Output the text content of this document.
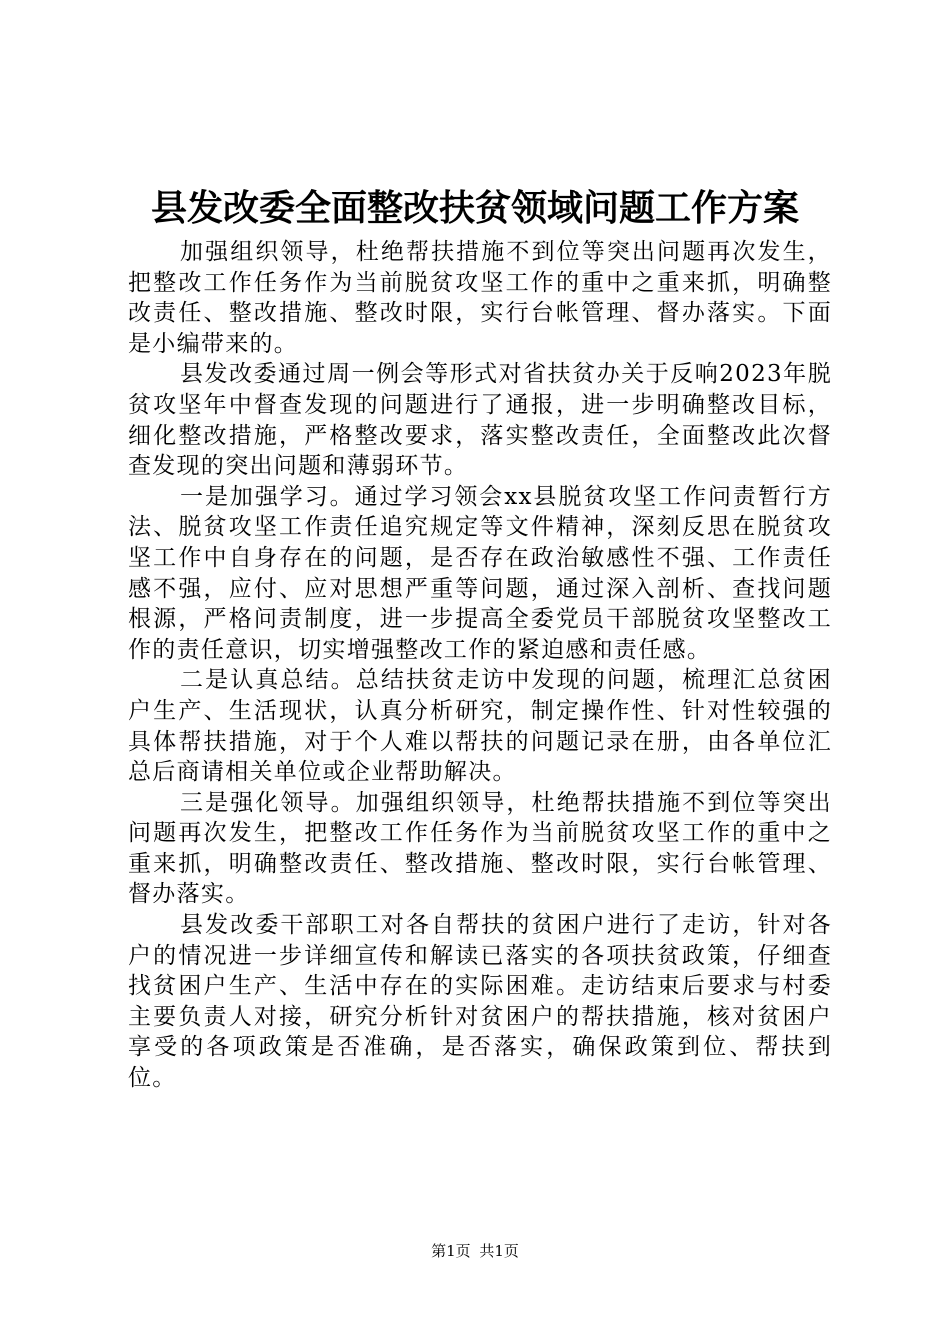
县发改委全面整改扶贫领域问题工作方案

加强组织领导，杜绝帮扶措施不到位等突出问题再次发生，把整改工作任务作为当前脱贫攻坚工作的重中之重来抓，明确整改责任、整改措施、整改时限，实行台帐管理、督办落实。下面是小编带来的。

县发改委通过周一例会等形式对省扶贫办关于反响2023年脱贫攻坚年中督查发现的问题进行了通报，进一步明确整改目标，细化整改措施，严格整改要求，落实整改责任，全面整改此次督查发现的突出问题和薄弱环节。

一是加强学习。通过学习领会xx县脱贫攻坚工作问责暂行方法、脱贫攻坚工作责任追究规定等文件精神，深刻反思在脱贫攻坚工作中自身存在的问题，是否存在政治敏感性不强、工作责任感不强，应付、应对思想严重等问题，通过深入剖析、查找问题根源，严格问责制度，进一步提高全委党员干部脱贫攻坚整改工作的责任意识，切实增强整改工作的紧迫感和责任感。

二是认真总结。总结扶贫走访中发现的问题，梳理汇总贫困户生产、生活现状，认真分析研究，制定操作性、针对性较强的具体帮扶措施，对于个人难以帮扶的问题记录在册，由各单位汇总后商请相关单位或企业帮助解决。

三是强化领导。加强组织领导，杜绝帮扶措施不到位等突出问题再次发生，把整改工作任务作为当前脱贫攻坚工作的重中之重来抓，明确整改责任、整改措施、整改时限，实行台帐管理、督办落实。

县发改委干部职工对各自帮扶的贫困户进行了走访，针对各户的情况进一步详细宣传和解读已落实的各项扶贫政策，仔细查找贫困户生产、生活中存在的实际困难。走访结束后要求与村委主要负责人对接，研究分析针对贫困户的帮扶措施，核对贫困户享受的各项政策是否准确，是否落实，确保政策到位、帮扶到位。

第1页 共1页
